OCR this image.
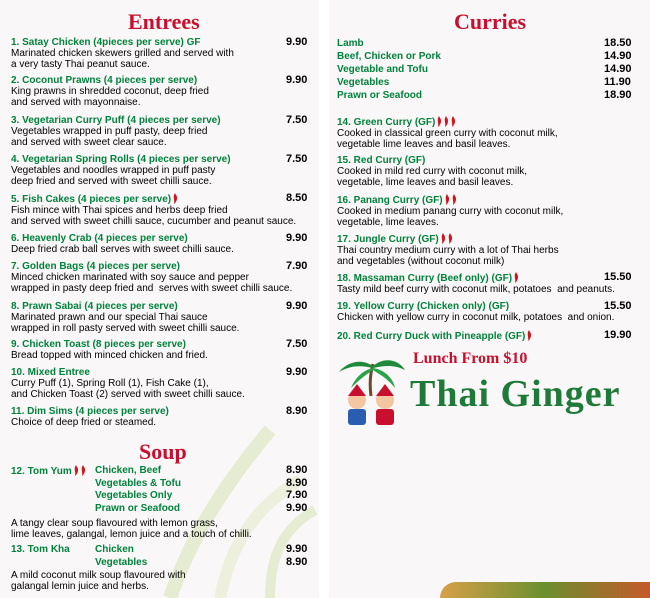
Entrees
1. Satay Chicken (4pieces per serve) GF
Marinated chicken skewers grilled and served with
a very tasty Thai peanut sauce.
9.90
2. Coconut Prawns (4 pieces per serve)
King prawns in shredded coconut, deep fried
and served with mayonnaise.
9.90
3. Vegetarian Curry Puff (4 pieces per serve)
Vegetables wrapped in puff pasty, deep fried
and served with sweet clear sauce.
7.50
4. Vegetarian Spring Rolls (4 pieces per serve)
Vegetables and noodles wrapped in puff pasty
deep fried and served with sweet chilli sauce.
7.50
5. Fish Cakes (4 pieces per serve)
Fish mince with Thai spices and herbs deep fried
and served with sweet chilli sauce, cucumber and peanut sauce.
8.50
6. Heavenly Crab (4 pieces per serve)
Deep fried crab ball serves with sweet chilli sauce.
9.90
7. Golden Bags (4 pieces per serve)
Minced chicken marinated with soy sauce and pepper
wrapped in pasty deep fried and  serves with sweet chilli sauce.
7.90
8. Prawn Sabai (4 pieces per serve)
Marinated prawn and our special Thai sauce
wrapped in roll pasty served with sweet chilli sauce.
9.90
9. Chicken Toast (8 pieces per serve)
Bread topped with minced chicken and fried.
7.50
10. Mixed Entree
Curry Puff (1), Spring Roll (1), Fish Cake (1),
and Chicken Toast (2) served with sweet chilli sauce.
9.90
11. Dim Sims (4 pieces per serve)
Choice of deep fried or steamed.
8.90
Soup
12. Tom Yum	Chicken, Beef	8.90
Vegetables & Tofu	8.90
Vegetables Only	7.90
Prawn or Seafood	9.90
A tangy clear soup flavoured with lemon grass,
lime leaves, galangal, lemon juice and a touch of chilli.
13. Tom Kha	Chicken	9.90
Vegetables	8.90
A mild coconut milk soup flavoured with
galangal lemin juice and herbs.
Curries
Lamb	18.50
Beef, Chicken or Pork	14.90
Vegetable and Tofu	14.90
Vegetables	11.90
Prawn or Seafood	18.90
14. Green Curry (GF)
Cooked in classical green curry with coconut milk,
vegetable lime leaves and basil leaves.
15. Red Curry (GF)
Cooked in mild red curry with coconut milk,
vegetable, lime leaves and basil leaves.
16. Panang Curry (GF)
Cooked in medium panang curry with coconut milk,
vegetable, lime leaves.
17. Jungle Curry (GF)
Thai country medium curry with a lot of Thai herbs
and vegetables (without coconut milk)
18. Massaman Curry (Beef only) (GF)
Tasty mild beef curry with coconut milk, potatoes  and peanuts.
15.50
19. Yellow Curry (Chicken only) (GF)
Chicken with yellow curry in coconut milk, potatoes  and onion.
15.50
20. Red Curry Duck with Pineapple (GF)	19.90
Lunch From $10
Thai Ginger
